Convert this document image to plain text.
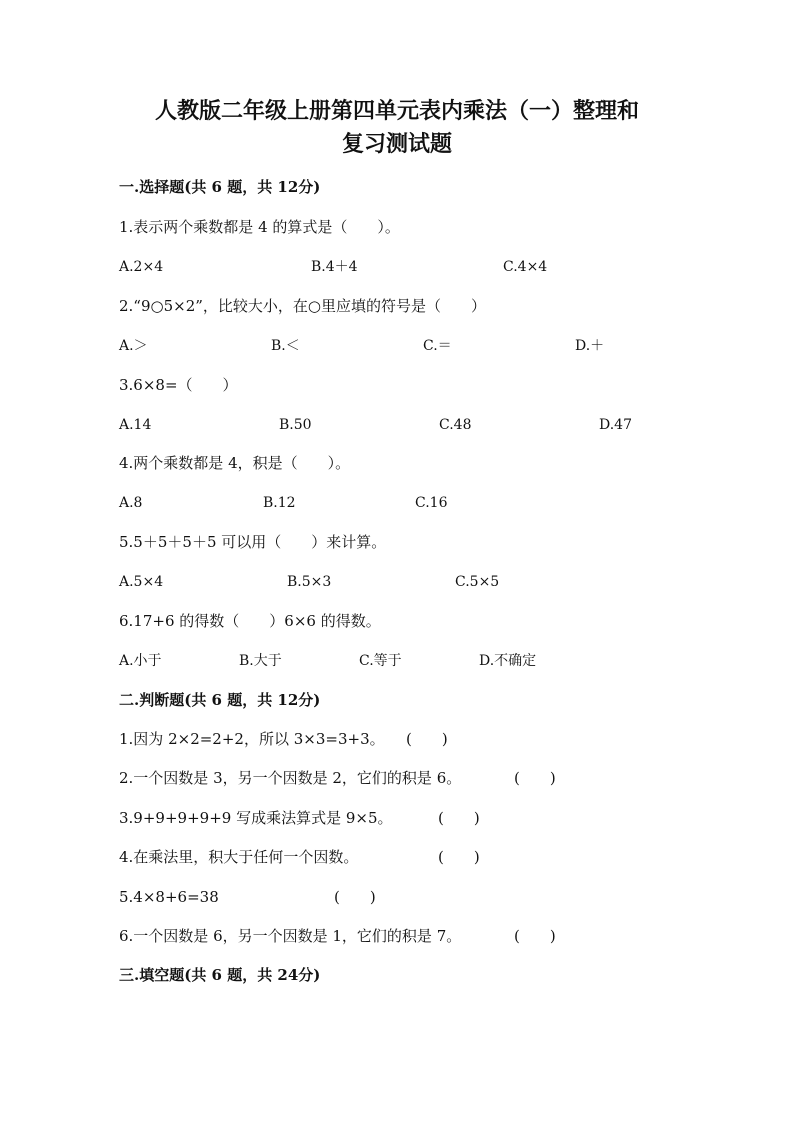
人教版二年级上册第四单元表内乘法（一）整理和
复习测试题
一.选择题(共 6 题，共 12分)
1.表示两个乘数都是 4 的算式是（　　）。
A.2×4	B.4＋4	C.4×4
2.“9○5×2”，比较大小，在○里应填的符号是（　　）
A.＞	B.＜	C.＝	D.＋
3.6×8=（　　）
A.14	B.50	C.48	D.47
4.两个乘数都是 4，积是（　　）。
A.8	B.12	C.16
5.5＋5＋5＋5 可以用（　　）来计算。
A.5×4	B.5×3	C.5×5
6.17+6 的得数（　　）6×6 的得数。
A.小于	B.大于	C.等于	D.不确定
二.判断题(共 6 题，共 12分)
1.因为 2×2=2+2，所以 3×3=3+3。 (　　)
2.一个因数是 3，另一个因数是 2，它们的积是 6。	(　　)
3.9+9+9+9+9 写成乘法算式是 9×5。	(　　)
4.在乘法里，积大于任何一个因数。	(　　)
5.4×8+6=38	(　　)
6.一个因数是 6，另一个因数是 1，它们的积是 7。	(　　)
三.填空题(共 6 题，共 24分)
